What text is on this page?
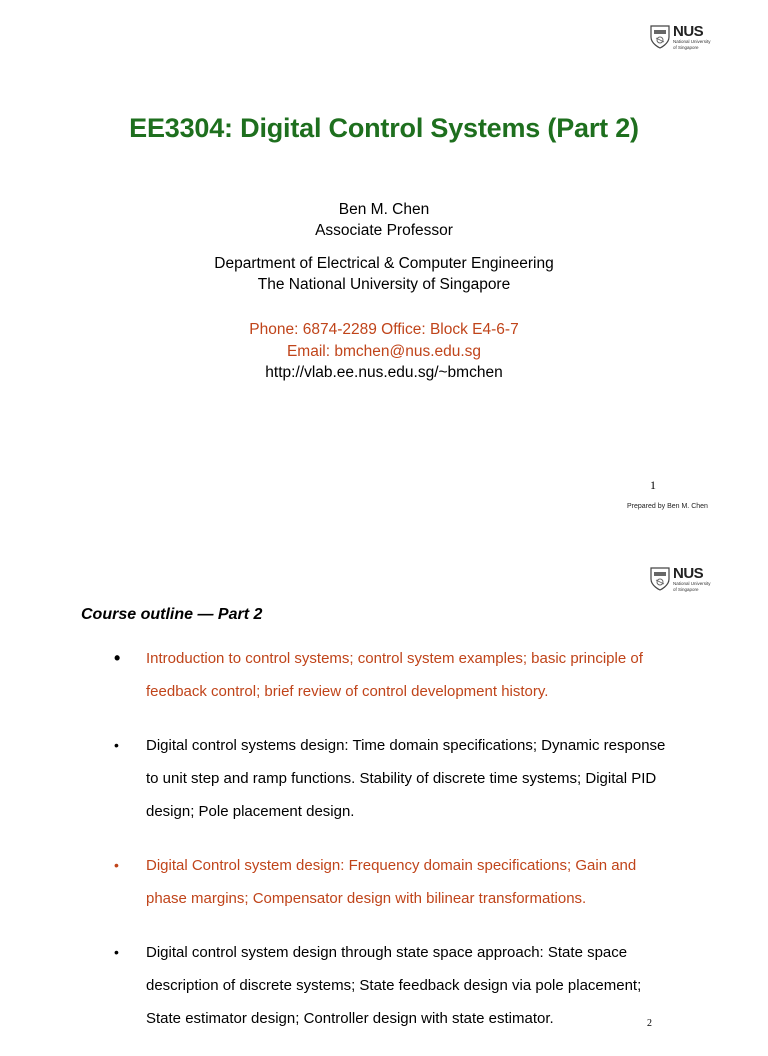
NUS
National University
of Singapore
EE3304: Digital Control Systems (Part 2)
Ben M. Chen
Associate Professor
Department of Electrical & Computer Engineering
The National University of Singapore
Phone: 6874-2289 Office: Block E4-6-7
Email: bmchen@nus.edu.sg
http://vlab.ee.nus.edu.sg/~bmchen
1
Prepared by Ben M. Chen
NUS
National University
of Singapore
Course outline — Part 2
• Introduction to control systems; control system examples; basic principle of
feedback control; brief review of control development history.
• Digital control systems design: Time domain specifications; Dynamic response
to unit step and ramp functions. Stability of discrete time systems; Digital PID
design; Pole placement design.
• Digital Control system design: Frequency domain specifications; Gain and
phase margins; Compensator design with bilinear transformations.
• Digital control system design through state space approach: State space
description of discrete systems; State feedback design via pole placement;
State estimator design; Controller design with state estimator.	2
